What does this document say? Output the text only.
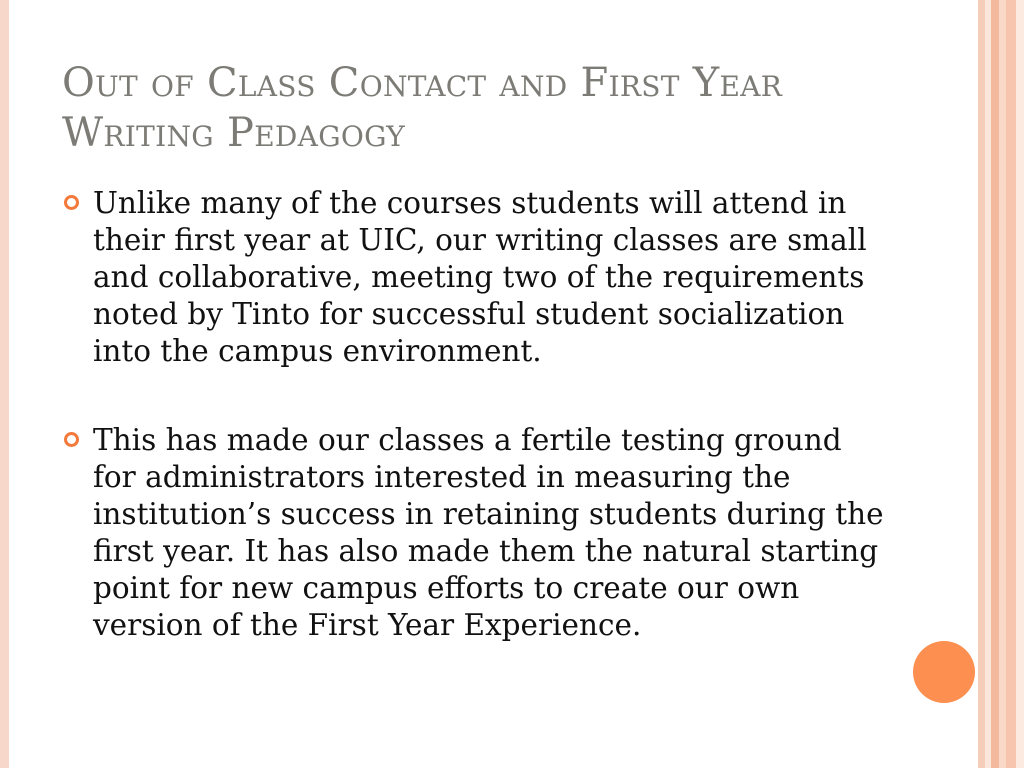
Out of Class Contact and First Year Writing Pedagogy
Unlike many of the courses students will attend in their first year at UIC, our writing classes are small and collaborative, meeting two of the requirements noted by Tinto for successful student socialization into the campus environment.
This has made our classes a fertile testing ground for administrators interested in measuring the institution’s success in retaining students during the first year. It has also made them the natural starting point for new campus efforts to create our own version of the First Year Experience.
